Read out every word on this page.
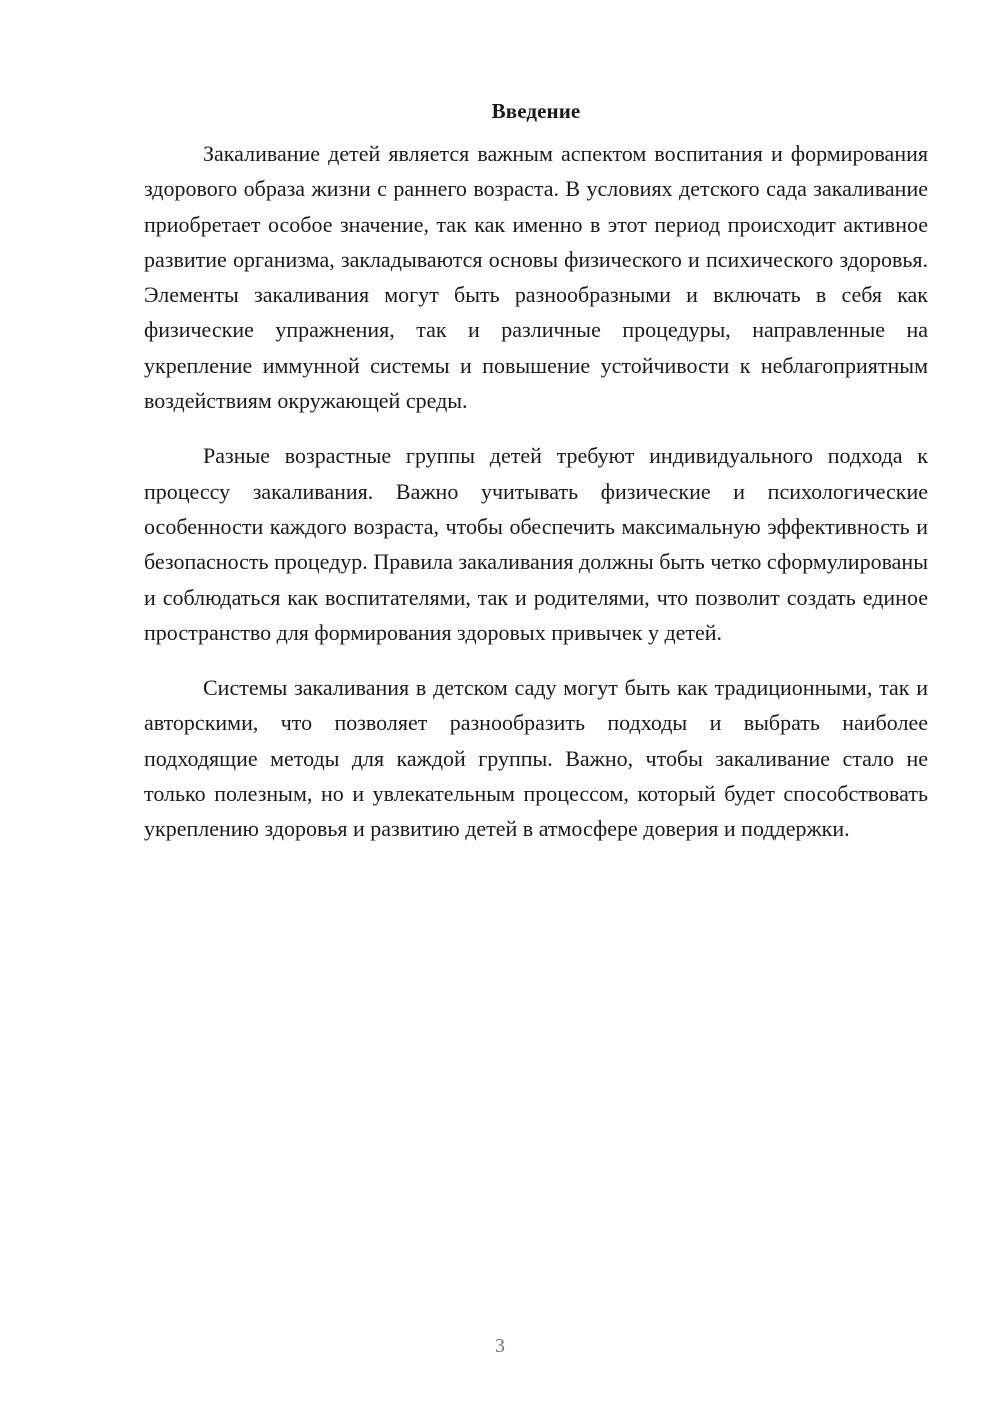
Введение

Закаливание детей является важным аспектом воспитания и формирования здорового образа жизни с раннего возраста. В условиях детского сада закаливание приобретает особое значение, так как именно в этот период происходит активное развитие организма, закладываются основы физического и психического здоровья. Элементы закаливания могут быть разнообразными и включать в себя как физические упражнения, так и различные процедуры, направленные на укрепление иммунной системы и повышение устойчивости к неблагоприятным воздействиям окружающей среды.

Разные возрастные группы детей требуют индивидуального подхода к процессу закаливания. Важно учитывать физические и психологические особенности каждого возраста, чтобы обеспечить максимальную эффективность и безопасность процедур. Правила закаливания должны быть четко сформулированы и соблюдаться как воспитателями, так и родителями, что позволит создать единое пространство для формирования здоровых привычек у детей.

Системы закаливания в детском саду могут быть как традиционными, так и авторскими, что позволяет разнообразить подходы и выбрать наиболее подходящие методы для каждой группы. Важно, чтобы закаливание стало не только полезным, но и увлекательным процессом, который будет способствовать укреплению здоровья и развитию детей в атмосфере доверия и поддержки.

3
